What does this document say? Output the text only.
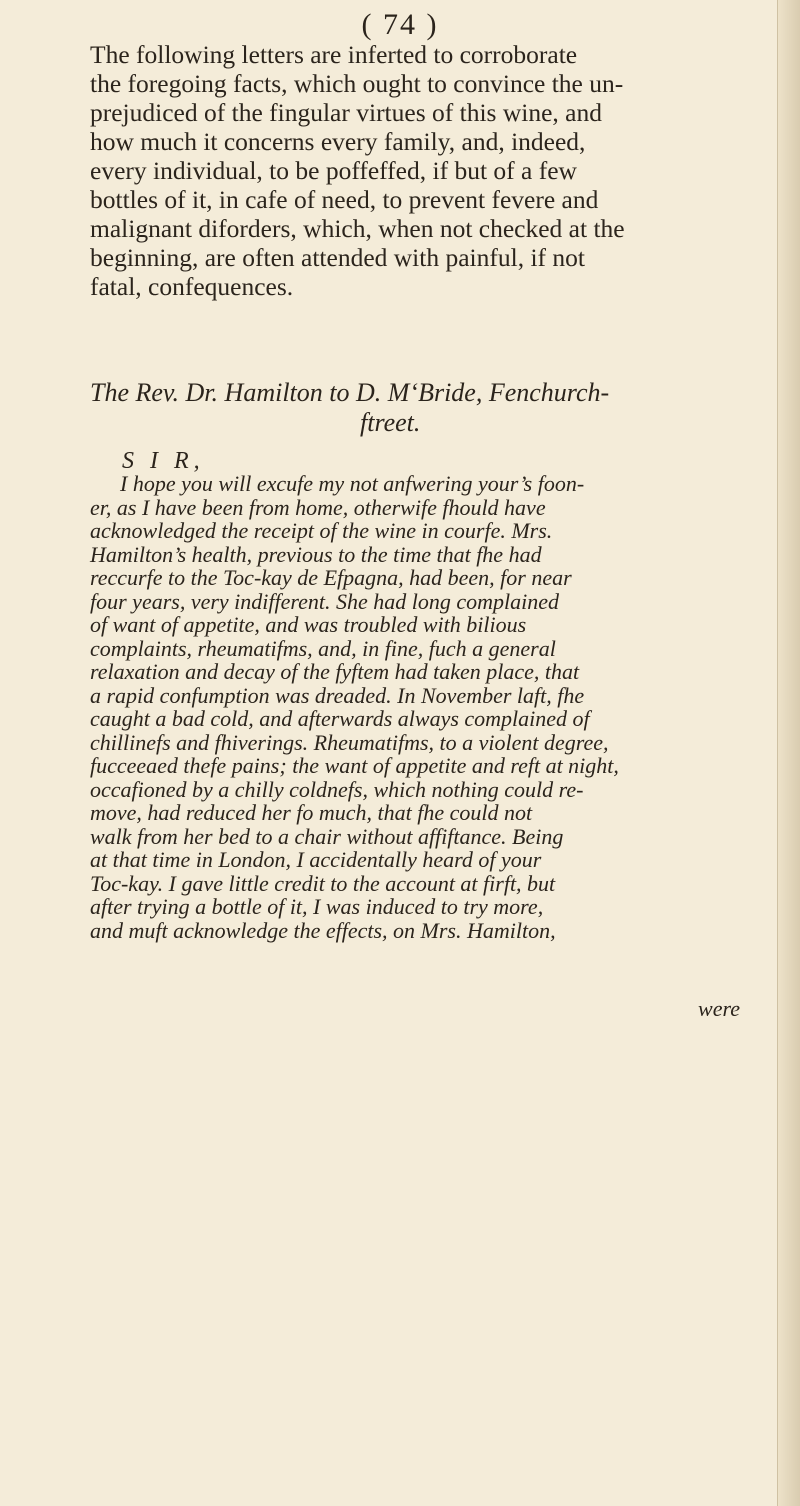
( 74 )

The following letters are inferted to corroborate
the foregoing facts, which ought to convince the un-
prejudiced of the fingular virtues of this wine, and
how much it concerns every family, and, indeed,
every individual, to be poffeffed, if but of a few
bottles of it, in cafe of need, to prevent fevere and
malignant diforders, which, when not checked at the
beginning, are often attended with painful, if not
fatal, confequences.

The Rev. Dr. Hamilton to D. M‘Bride, Fenchurch-
ftreet.
S I R,
I hope you will excufe my not anfwering your’s foon-
er, as I have been from home, otherwife fhould have
acknowledged the receipt of the wine in courfe. Mrs.
Hamilton’s health, previous to the time that fhe had
reccurfe to the Toc-kay de Efpagna, had been, for near
four years, very indifferent. She had long complained
of want of appetite, and was troubled with bilious
complaints, rheumatifms, and, in fine, fuch a general
relaxation and decay of the fyftem had taken place, that
a rapid confumption was dreaded. In November laft, fhe
caught a bad cold, and afterwards always complained of
chillinefs and fhiverings. Rheumatifms, to a violent degree,
fucceeaed thefe pains; the want of appetite and reft at night,
occafioned by a chilly coldnefs, which nothing could re-
move, had reduced her fo much, that fhe could not
walk from her bed to a chair without affiftance. Being
at that time in London, I accidentally heard of your
Toc-kay. I gave little credit to the account at firft, but
after trying a bottle of it, I was induced to try more,
and muft acknowledge the effects, on Mrs. Hamilton,
were
